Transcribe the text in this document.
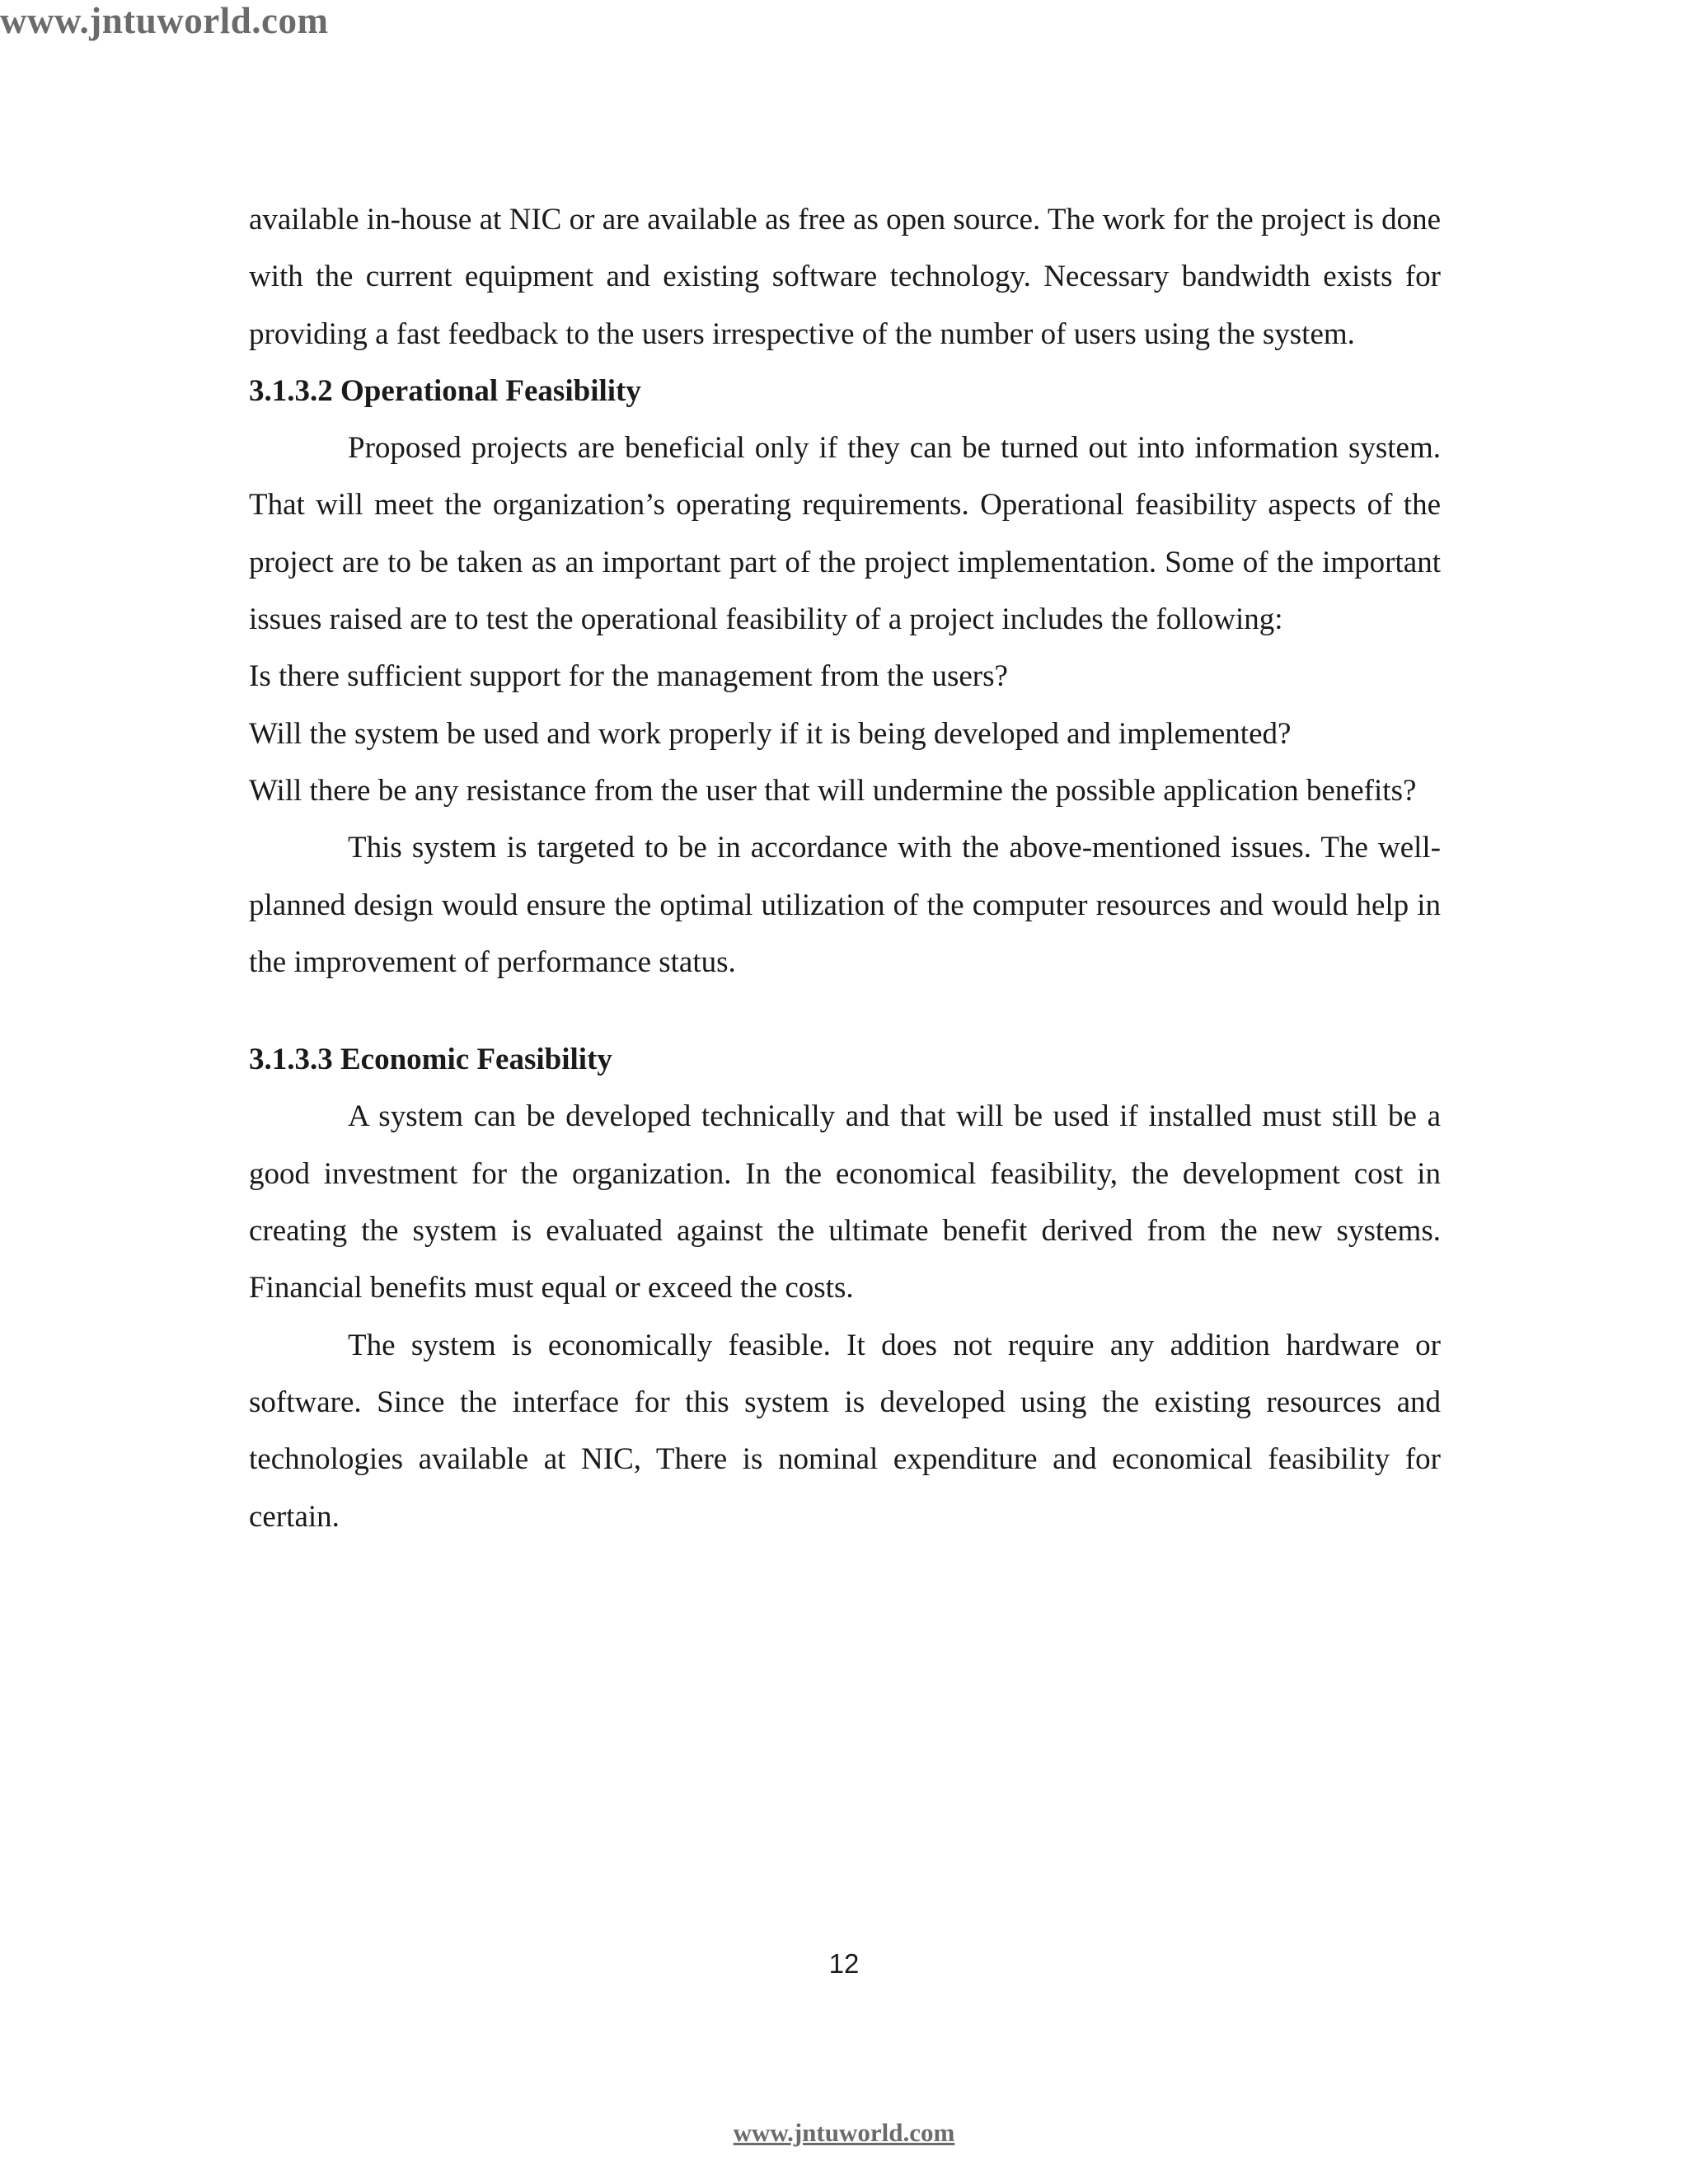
www.jntuworld.com

available in-house at NIC or are available as free as open source. The work for the project is done with the current equipment and existing software technology. Necessary bandwidth exists for providing a fast feedback to the users irrespective of the number of users using the system.

3.1.3.2 Operational Feasibility

Proposed projects are beneficial only if they can be turned out into information system. That will meet the organization’s operating requirements. Operational feasibility aspects of the project are to be taken as an important part of the project implementation. Some of the important issues raised are to test the operational feasibility of a project includes the following:

Is there sufficient support for the management from the users?

Will the system be used and work properly if it is being developed and implemented?

Will there be any resistance from the user that will undermine the possible application benefits?

This system is targeted to be in accordance with the above-mentioned issues. The well-planned design would ensure the optimal utilization of the computer resources and would help in the improvement of performance status.

3.1.3.3 Economic Feasibility

A system can be developed technically and that will be used if installed must still be a good investment for the organization. In the economical feasibility, the development cost in creating the system is evaluated against the ultimate benefit derived from the new systems. Financial benefits must equal or exceed the costs.

The system is economically feasible. It does not require any addition hardware or software. Since the interface for this system is developed using the existing resources and technologies available at NIC, There is nominal expenditure and economical feasibility for certain.

12
www.jntuworld.com
